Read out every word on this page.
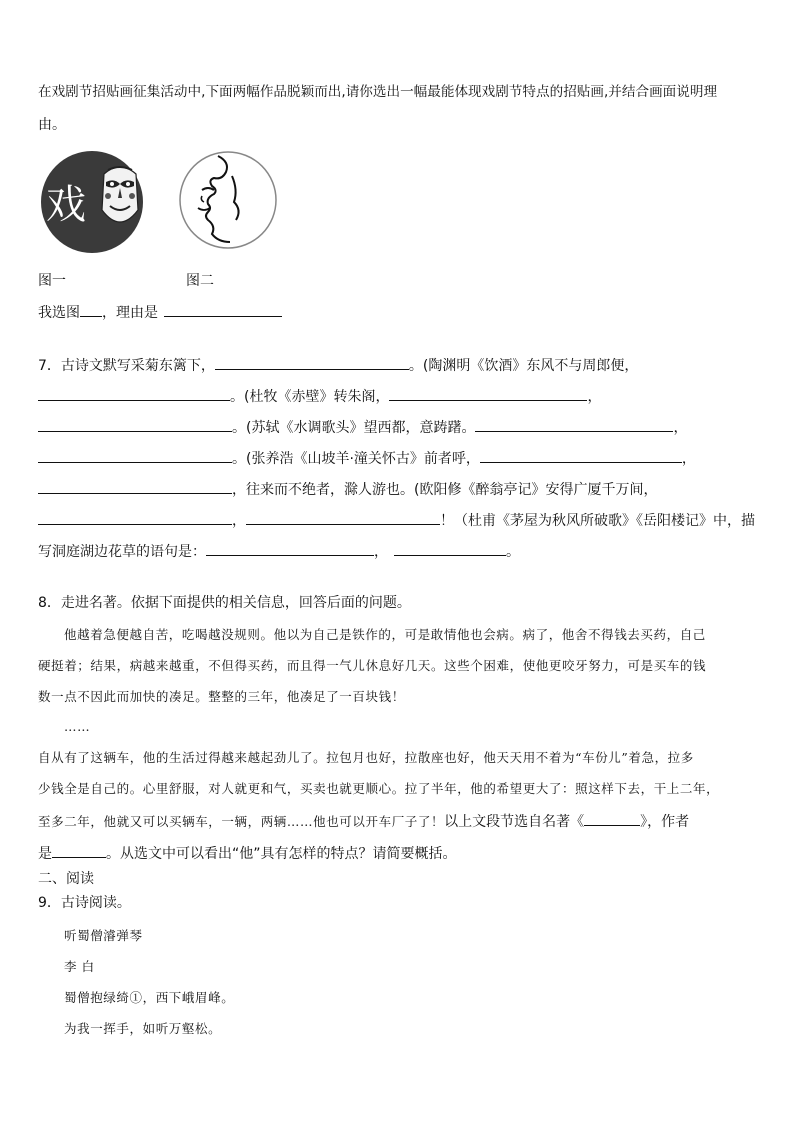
在戏剧节招贴画征集活动中,下面两幅作品脱颖而出,请你选出一幅最能体现戏剧节特点的招贴画,并结合画面说明理
由。
戏
图一	图二
我选图 ，理由是
7．古诗文默写采菊东篱下，	。(陶渊明《饮酒》东风不与周郎便，
。(杜牧《赤壁》转朱阁，	，
。(苏轼《水调歌头》望西都，意踌躇。	，
。(张养浩《山坡羊·潼关怀古》前者呼，	，
，往来而不绝者，滁人游也。(欧阳修《醉翁亭记》安得广厦千万间，
，	！（杜甫《茅屋为秋风所破歌》《岳阳楼记》中，描
写洞庭湖边花草的语句是：	，	。
8．走进名著。依据下面提供的相关信息，回答后面的问题。
他越着急便越自苦，吃喝越没规则。他以为自己是铁作的，可是敢情他也会病。病了，他舍不得钱去买药，自己
硬挺着；结果，病越来越重，不但得买药，而且得一气儿休息好几天。这些个困难，使他更咬牙努力，可是买车的钱
数一点不因此而加快的凑足。整整的三年，他凑足了一百块钱！
……
自从有了这辆车，他的生活过得越来越起劲儿了。拉包月也好，拉散座也好，他天天用不着为“车份儿”着急，拉多
少钱全是自己的。心里舒服，对人就更和气，买卖也就更顺心。拉了半年，他的希望更大了：照这样下去，干上二年，
至多二年，他就又可以买辆车，一辆，两辆……他也可以开车厂子了！以上文段节选自名著《	》，作者
是	。从选文中可以看出“他”具有怎样的特点？请简要概括。
二、阅读
9．古诗阅读。
听蜀僧濬弹琴
李 白
蜀僧抱绿绮①，西下峨眉峰。
为我一挥手，如听万壑松。
